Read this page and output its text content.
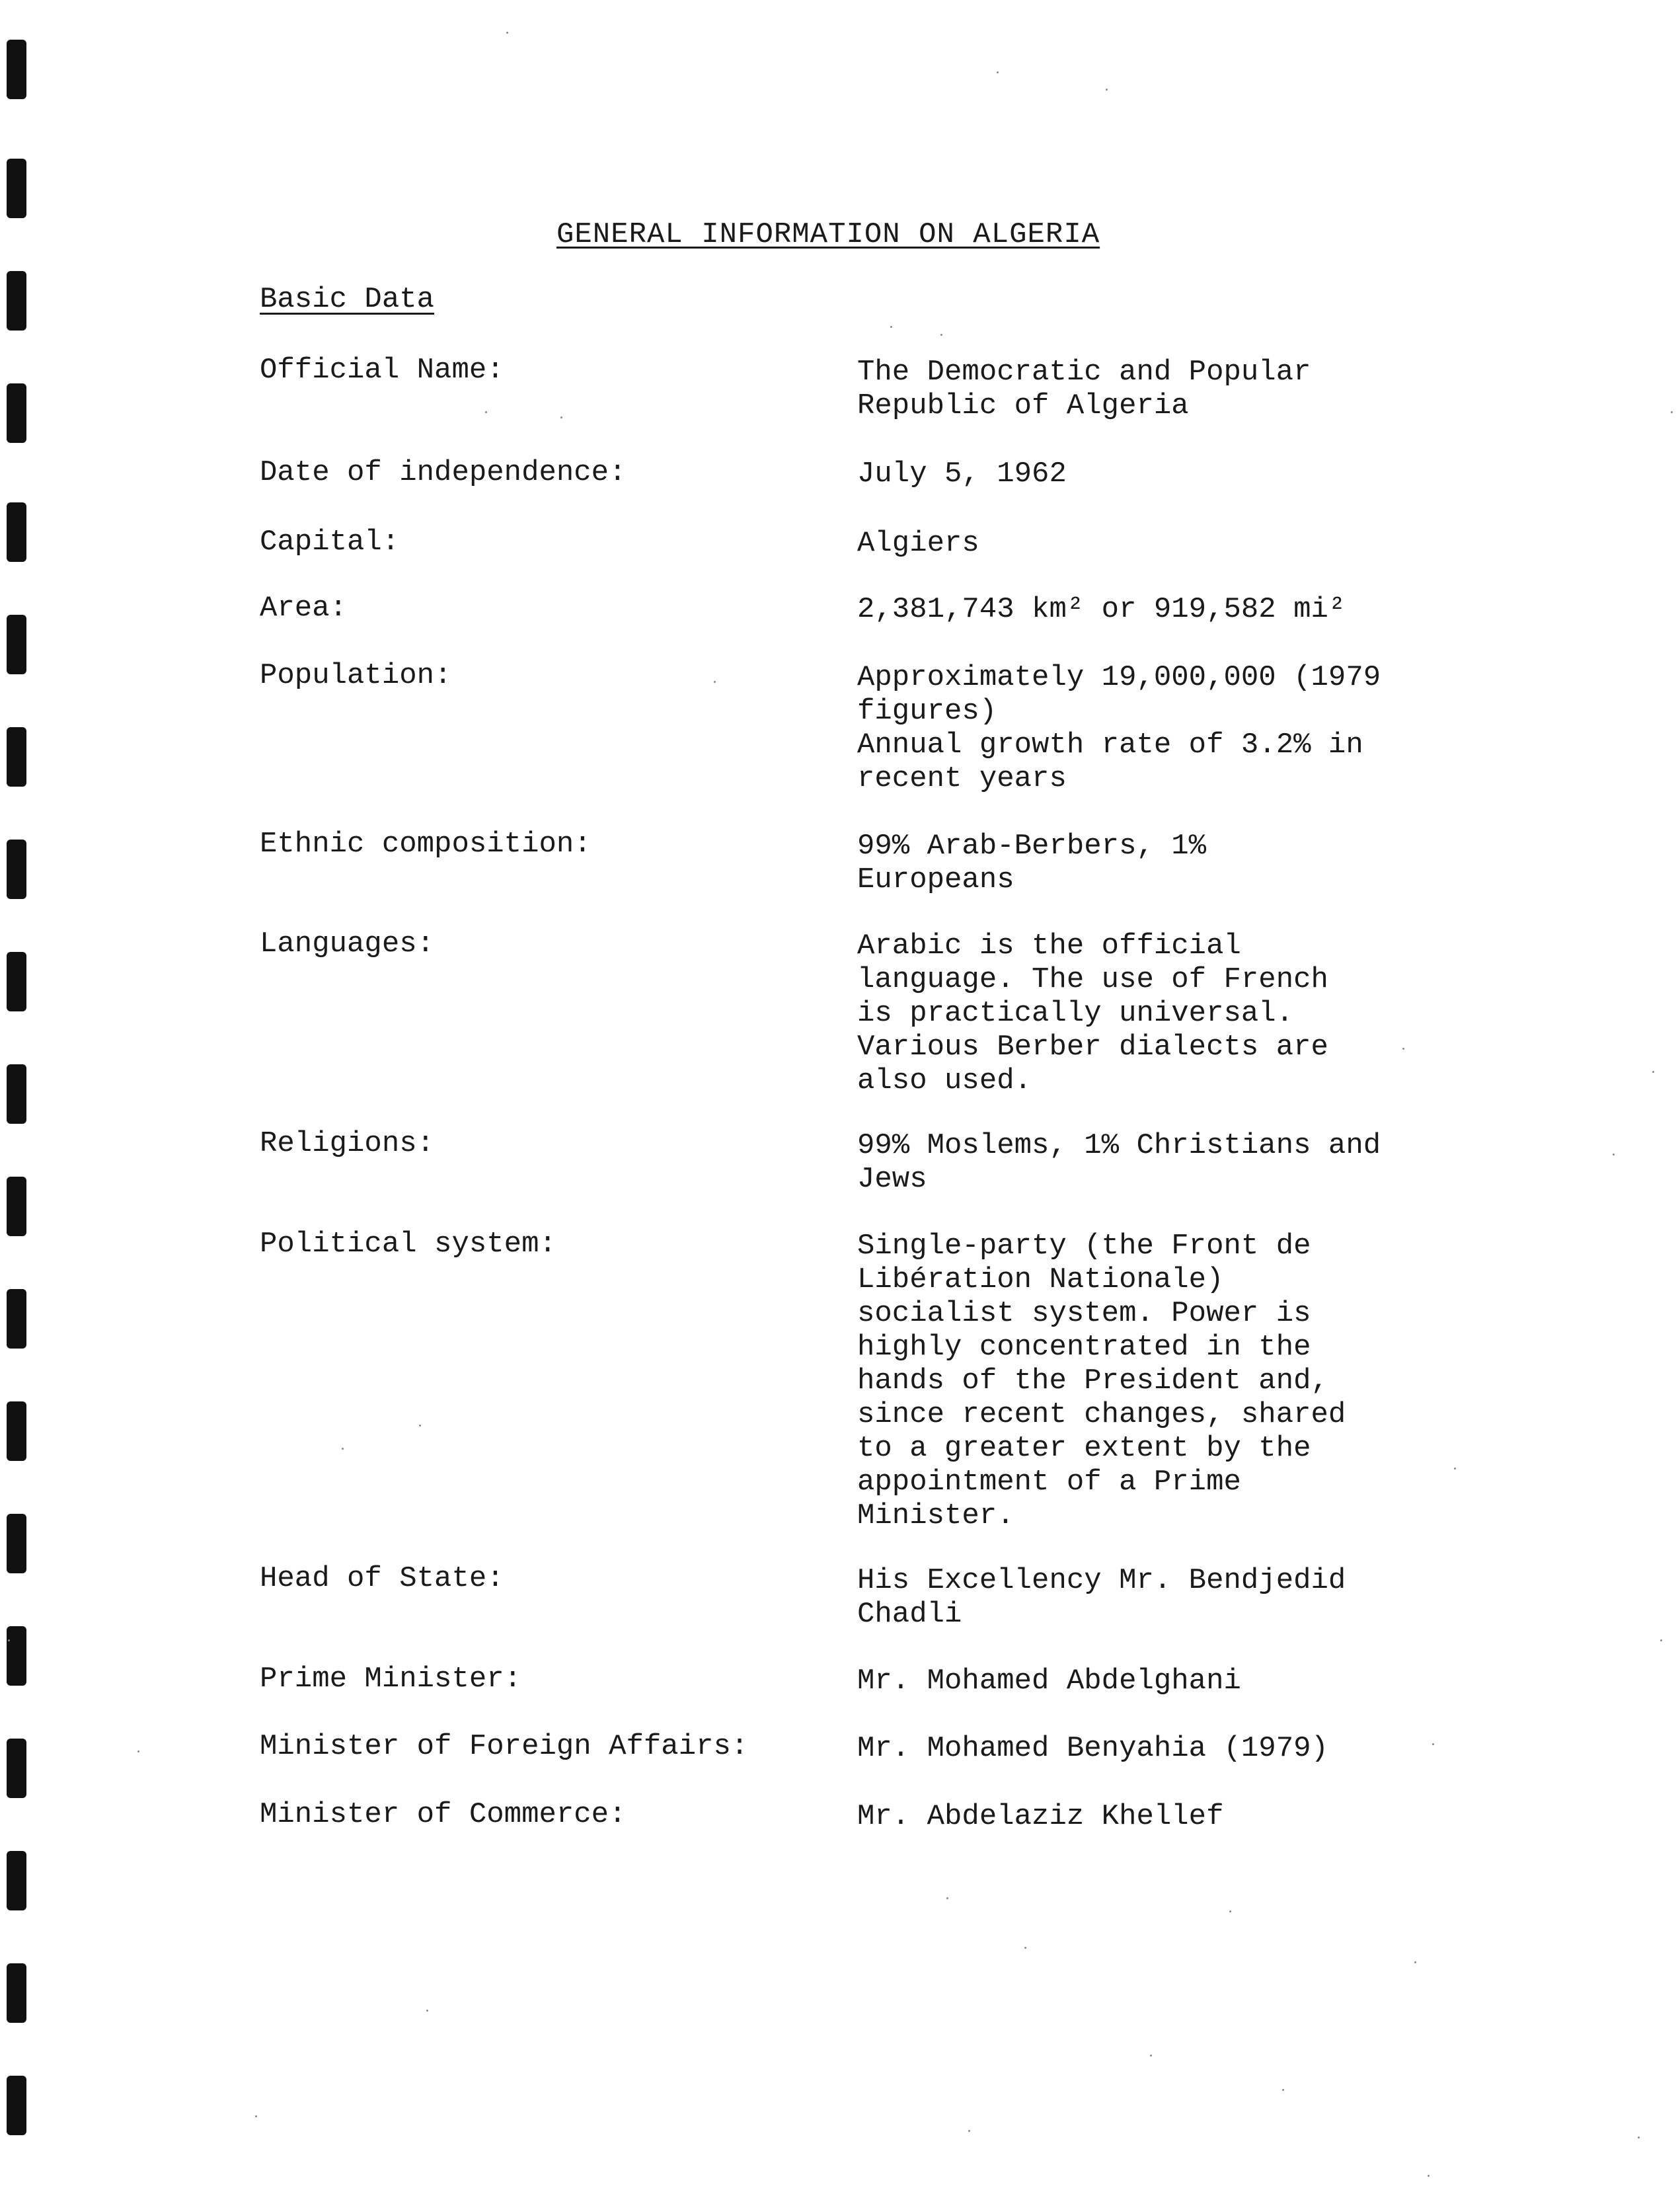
GENERAL INFORMATION ON ALGERIA
Basic Data
Official Name:	The Democratic and Popular
Republic of Algeria
Date of independence:	July 5, 1962
Capital:	Algiers
Area:	2,381,743 km² or 919,582 mi²
Population:	Approximately 19,000,000 (1979
figures)
Annual growth rate of 3.2% in
recent years
Ethnic composition:	99% Arab-Berbers, 1%
Europeans
Languages:	Arabic is the official
language. The use of French
is practically universal.
Various Berber dialects are
also used.
Religions:	99% Moslems, 1% Christians and
Jews
Political system:	Single-party (the Front de
Libération Nationale)
socialist system. Power is
highly concentrated in the
hands of the President and,
since recent changes, shared
to a greater extent by the
appointment of a Prime
Minister.
Head of State:	His Excellency Mr. Bendjedid
Chadli
Prime Minister:	Mr. Mohamed Abdelghani
Minister of Foreign Affairs:	Mr. Mohamed Benyahia (1979)
Minister of Commerce:	Mr. Abdelaziz Khellef
